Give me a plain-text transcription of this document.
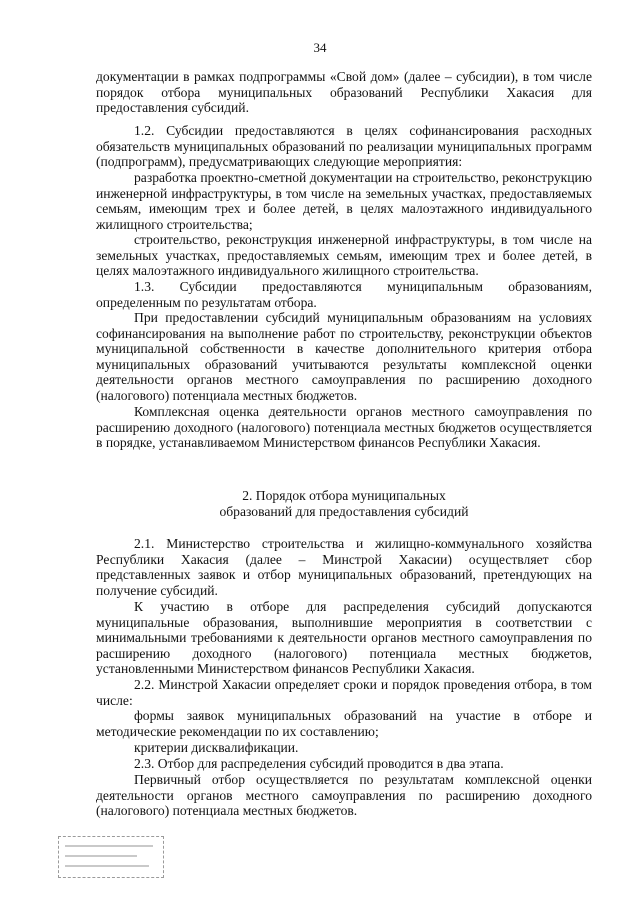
34

документации в рамках подпрограммы «Свой дом» (далее – субсидии), в том числе порядок отбора муниципальных образований Республики Хакасия для предоставления субсидий.

1.2. Субсидии предоставляются в целях софинансирования расходных обязательств муниципальных образований по реализации муниципальных программ (подпрограмм), предусматривающих следующие мероприятия:

разработка проектно-сметной документации на строительство, реконструкцию инженерной инфраструктуры, в том числе на земельных участках, предоставляемых семьям, имеющим трех и более детей, в целях малоэтажного индивидуального жилищного строительства;

строительство, реконструкция инженерной инфраструктуры, в том числе на земельных участках, предоставляемых семьям, имеющим трех и более детей, в целях малоэтажного индивидуального жилищного строительства.

1.3. Субсидии предоставляются муниципальным образованиям, определенным по результатам отбора.

При предоставлении субсидий муниципальным образованиям на условиях софинансирования на выполнение работ по строительству, реконструкции объектов муниципальной собственности в качестве дополнительного критерия отбора муниципальных образований учитываются результаты комплексной оценки деятельности органов местного самоуправления по расширению доходного (налогового) потенциала местных бюджетов.

Комплексная оценка деятельности органов местного самоуправления по расширению доходного (налогового) потенциала местных бюджетов осуществляется в порядке, устанавливаемом Министерством финансов Республики Хакасия.

2. Порядок отбора муниципальных
образований для предоставления субсидий

2.1. Министерство строительства и жилищно-коммунального хозяйства Республики Хакасия (далее – Минстрой Хакасии) осуществляет сбор представленных заявок и отбор муниципальных образований, претендующих на получение субсидий.

К участию в отборе для распределения субсидий допускаются муниципальные образования, выполнившие мероприятия в соответствии с минимальными требованиями к деятельности органов местного самоуправления по расширению доходного (налогового) потенциала местных бюджетов, установленными Министерством финансов Республики Хакасия.

2.2. Минстрой Хакасии определяет сроки и порядок проведения отбора, в том числе:

формы заявок муниципальных образований на участие в отборе и методические рекомендации по их составлению;

критерии дисквалификации.

2.3. Отбор для распределения субсидий проводится в два этапа.

Первичный отбор осуществляется по результатам комплексной оценки деятельности органов местного самоуправления по расширению доходного (налогового) потенциала местных бюджетов.
